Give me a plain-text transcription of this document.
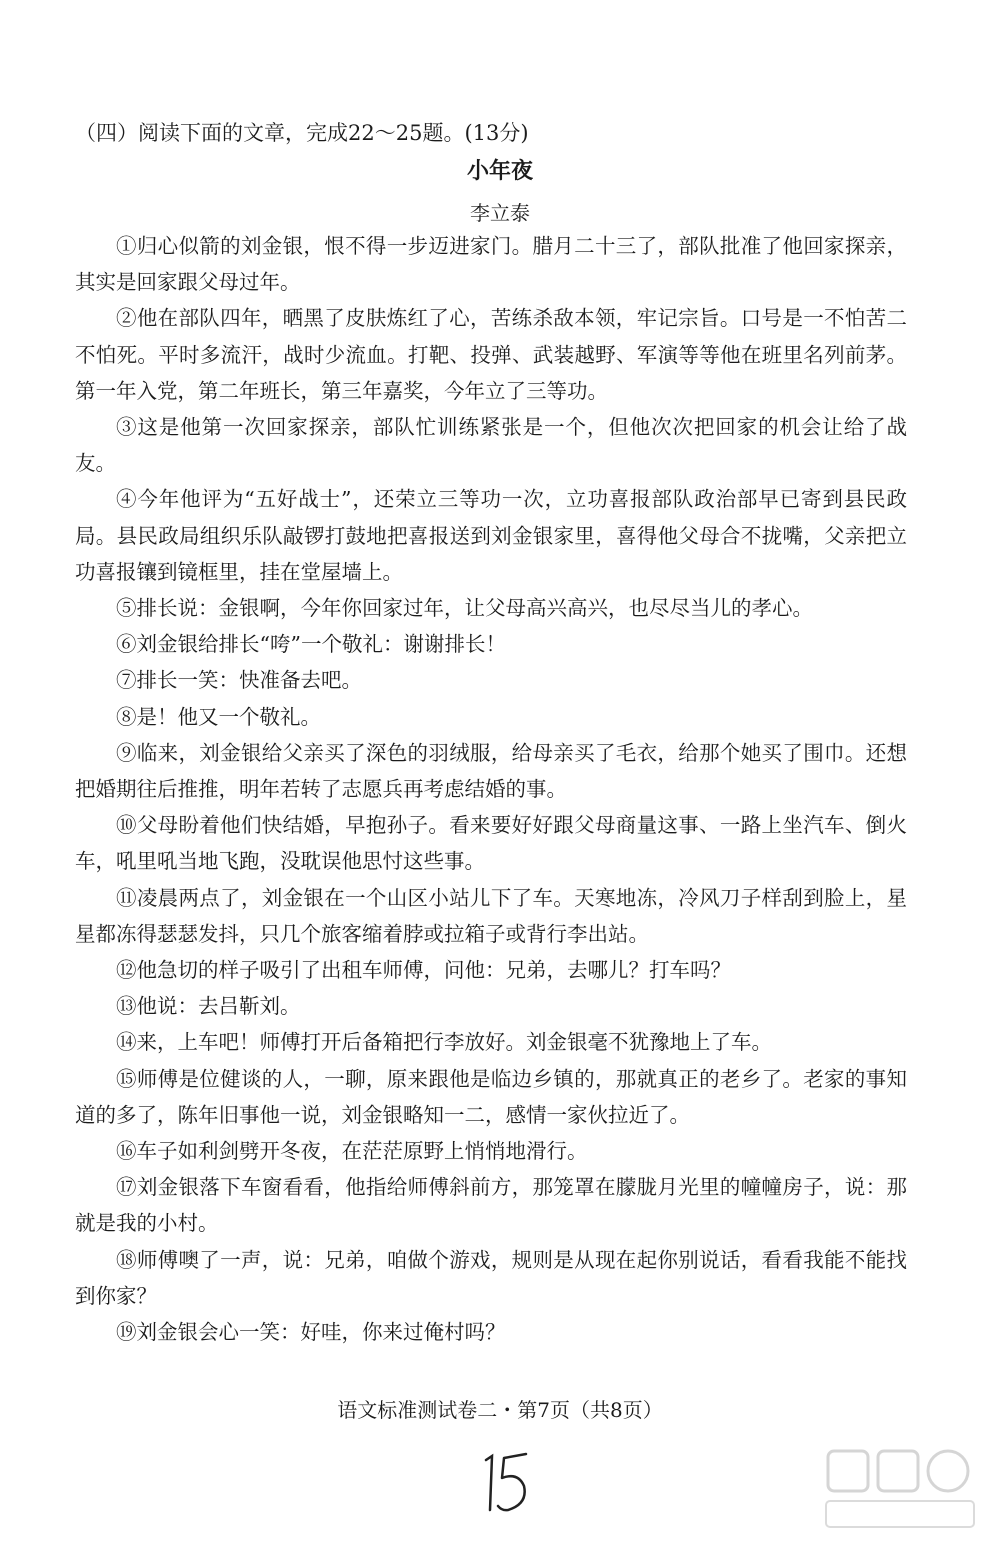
（四）阅读下面的文章，完成22～25题。(13分)
小年夜
李立泰

①归心似箭的刘金银，恨不得一步迈进家门。腊月二十三了，部队批准了他回家探亲，其实是回家跟父母过年。

②他在部队四年，晒黑了皮肤炼红了心，苦练杀敌本领，牢记宗旨。口号是一不怕苦二不怕死。平时多流汗，战时少流血。打靶、投弹、武装越野、军演等等他在班里名列前茅。第一年入党，第二年班长，第三年嘉奖，今年立了三等功。

③这是他第一次回家探亲，部队忙训练紧张是一个，但他次次把回家的机会让给了战友。

④今年他评为“五好战士”，还荣立三等功一次，立功喜报部队政治部早已寄到县民政局。县民政局组织乐队敲锣打鼓地把喜报送到刘金银家里，喜得他父母合不拢嘴，父亲把立功喜报镶到镜框里，挂在堂屋墙上。

⑤排长说：金银啊，今年你回家过年，让父母高兴高兴，也尽尽当儿的孝心。

⑥刘金银给排长“咵”一个敬礼：谢谢排长！

⑦排长一笑：快准备去吧。

⑧是！他又一个敬礼。

⑨临来，刘金银给父亲买了深色的羽绒服，给母亲买了毛衣，给那个她买了围巾。还想把婚期往后推推，明年若转了志愿兵再考虑结婚的事。

⑩父母盼着他们快结婚，早抱孙子。看来要好好跟父母商量这事、一路上坐汽车、倒火车，吼里吼当地飞跑，没耽误他思忖这些事。

⑪凌晨两点了，刘金银在一个山区小站儿下了车。天寒地冻，冷风刀子样刮到脸上，星星都冻得瑟瑟发抖，只几个旅客缩着脖或拉箱子或背行李出站。

⑫他急切的样子吸引了出租车师傅，问他：兄弟，去哪儿？打车吗？

⑬他说：去吕靳刘。

⑭来，上车吧！师傅打开后备箱把行李放好。刘金银毫不犹豫地上了车。

⑮师傅是位健谈的人，一聊，原来跟他是临边乡镇的，那就真正的老乡了。老家的事知道的多了，陈年旧事他一说，刘金银略知一二，感情一家伙拉近了。

⑯车子如利剑劈开冬夜，在茫茫原野上悄悄地滑行。

⑰刘金银落下车窗看看，他指给师傅斜前方，那笼罩在朦胧月光里的幢幢房子，说：那就是我的小村。

⑱师傅噢了一声，说：兄弟，咱做个游戏，规则是从现在起你别说话，看看我能不能找到你家？

⑲刘金银会心一笑：好哇，你来过俺村吗？

语文标准测试卷二・第7页（共8页）
